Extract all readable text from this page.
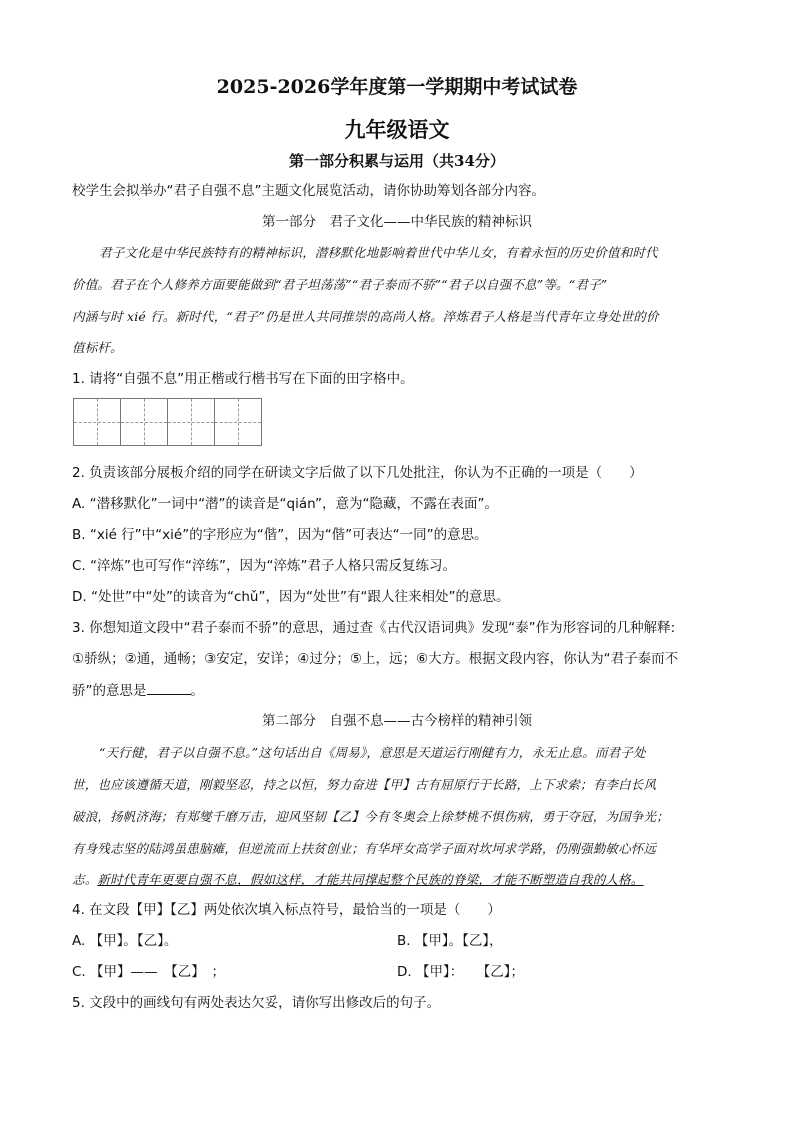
2025-2026学年度第一学期期中考试试卷
九年级语文
第一部分积累与运用（共34分）
校学生会拟举办“君子自强不息”主题文化展览活动，请你协助筹划各部分内容。
第一部分　君子文化——中华民族的精神标识
君子文化是中华民族特有的精神标识，潜移默化地影响着世代中华儿女，有着永恒的历史价值和时代
价值。君子在个人修养方面要能做到“君子坦荡荡”“君子泰而不骄”“君子以自强不息”等。“君子”
内涵与时 xié 行。新时代，“君子”仍是世人共同推崇的高尚人格。淬炼君子人格是当代青年立身处世的价
值标杆。
1. 请将“自强不息”用正楷或行楷书写在下面的田字格中。
2. 负责该部分展板介绍的同学在研读文字后做了以下几处批注，你认为不正确的一项是（　　）
A. “潜移默化”一词中“潜”的读音是“qián”，意为“隐藏，不露在表面”。
B. “xié 行”中“xié”的字形应为“偕”，因为“偕”可表达“一同”的意思。
C. “淬炼”也可写作“淬练”，因为“淬炼”君子人格只需反复练习。
D. “处世”中“处”的读音为“chǔ”，因为“处世”有“跟人往来相处”的意思。
3. 你想知道文段中“君子泰而不骄”的意思，通过查《古代汉语词典》发现“泰”作为形容词的几种解释:
①骄纵；②通，通畅；③安定，安详；④过分；⑤上，远；⑥大方。根据文段内容，你认为“君子泰而不
骄”的意思是	。
第二部分　自强不息——古今榜样的精神引领
“天行健，君子以自强不息。”这句话出自《周易》，意思是天道运行刚健有力，永无止息。而君子处
世，也应该遵循天道，刚毅坚忍，持之以恒，努力奋进【甲】古有屈原行于长路，上下求索；有李白长风
破浪，扬帆济海；有郑燮千磨万击，迎风坚韧【乙】今有冬奥会上徐梦桃不惧伤病，勇于夺冠，为国争光；
有身残志坚的陆鸿虽患脑瘫，但逆流而上扶贫创业；有华坪女高学子面对坎坷求学路，仍刚强勤敏心怀远
志。新时代青年更要自强不息，假如这样，才能共同撑起整个民族的脊梁，才能不断塑造自我的人格。
4. 在文段【甲】【乙】两处依次填入标点符号，最恰当的一项是（　　）
A. 【甲】。【乙】。	B. 【甲】。【乙】，
C. 【甲】——　【乙】　；	D. 【甲】：　　【乙】；
5. 文段中的画线句有两处表达欠妥，请你写出修改后的句子。
